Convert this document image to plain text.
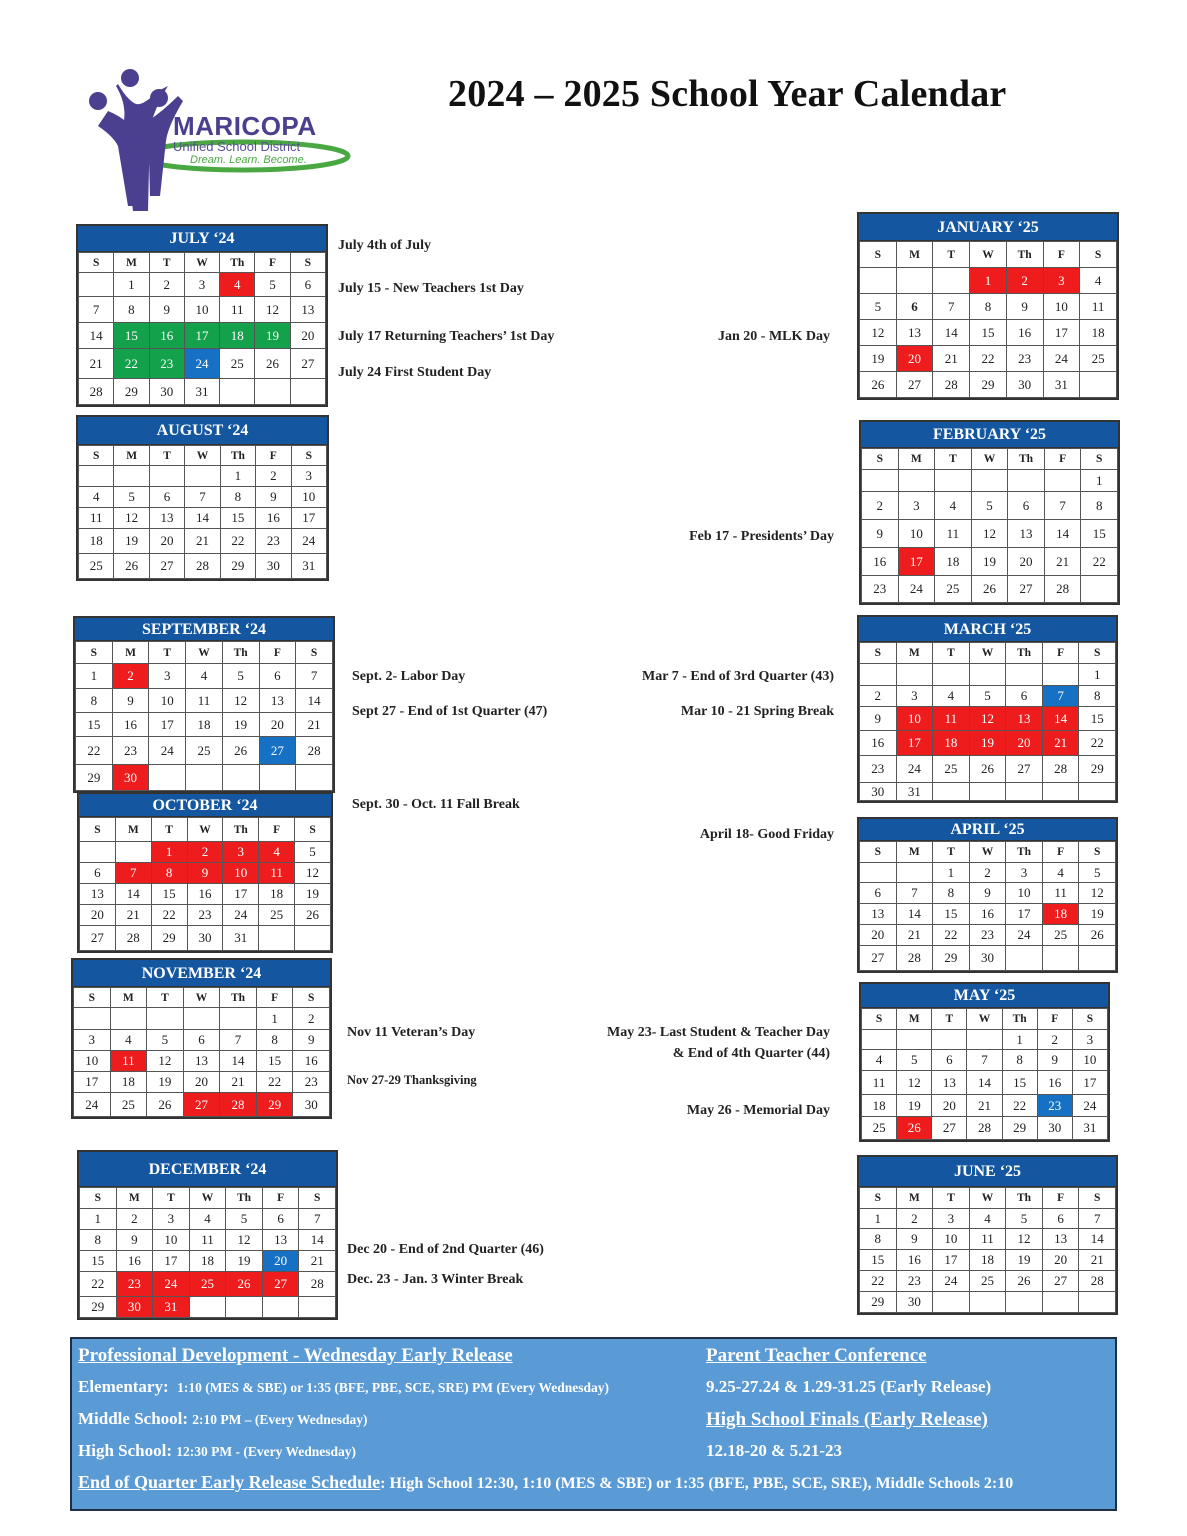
MARICOPA
Unified School District
Dream. Learn. Become.
2024 – 2025 School Year Calendar
JULY ‘24
S	M	T	W	Th	F	S
	1	2	3	4	5	6
7	8	9	10	11	12	13
14	15	16	17	18	19	20
21	22	23	24	25	26	27
28	29	30	31			
AUGUST ‘24
S	M	T	W	Th	F	S
				1	2	3
4	5	6	7	8	9	10
11	12	13	14	15	16	17
18	19	20	21	22	23	24
25	26	27	28	29	30	31
SEPTEMBER ‘24
S	M	T	W	Th	F	S
1	2	3	4	5	6	7
8	9	10	11	12	13	14
15	16	17	18	19	20	21
22	23	24	25	26	27	28
29	30					
OCTOBER ‘24
S	M	T	W	Th	F	S
		1	2	3	4	5
6	7	8	9	10	11	12
13	14	15	16	17	18	19
20	21	22	23	24	25	26
27	28	29	30	31		
NOVEMBER ‘24
S	M	T	W	Th	F	S
					1	2
3	4	5	6	7	8	9
10	11	12	13	14	15	16
17	18	19	20	21	22	23
24	25	26	27	28	29	30
DECEMBER ‘24
S	M	T	W	Th	F	S
1	2	3	4	5	6	7
8	9	10	11	12	13	14
15	16	17	18	19	20	21
22	23	24	25	26	27	28
29	30	31				
JANUARY ‘25
S	M	T	W	Th	F	S
			1	2	3	4
5	6	7	8	9	10	11
12	13	14	15	16	17	18
19	20	21	22	23	24	25
26	27	28	29	30	31	
FEBRUARY ‘25
S	M	T	W	Th	F	S
						1
2	3	4	5	6	7	8
9	10	11	12	13	14	15
16	17	18	19	20	21	22
23	24	25	26	27	28	
MARCH ‘25
S	M	T	W	Th	F	S
						1
2	3	4	5	6	7	8
9	10	11	12	13	14	15
16	17	18	19	20	21	22
23	24	25	26	27	28	29
30	31					
APRIL ‘25
S	M	T	W	Th	F	S
		1	2	3	4	5
6	7	8	9	10	11	12
13	14	15	16	17	18	19
20	21	22	23	24	25	26
27	28	29	30			
MAY ‘25
S	M	T	W	Th	F	S
				1	2	3
4	5	6	7	8	9	10
11	12	13	14	15	16	17
18	19	20	21	22	23	24
25	26	27	28	29	30	31
JUNE ‘25
S	M	T	W	Th	F	S
1	2	3	4	5	6	7
8	9	10	11	12	13	14
15	16	17	18	19	20	21
22	23	24	25	26	27	28
29	30					
July 4th of July
July 15 - New Teachers 1st Day
July 17 Returning Teachers’ 1st Day
July 24 First Student Day
Jan 20 - MLK Day
Feb 17 - Presidents’ Day
Sept. 2- Labor Day
Sept 27 - End of 1st Quarter (47)
Mar 7 - End of 3rd Quarter (43)
Mar 10 - 21 Spring Break
Sept. 30 - Oct. 11 Fall Break
April 18- Good Friday
Nov 11 Veteran’s Day
Nov 27-29 Thanksgiving
May 23- Last Student & Teacher Day
& End of 4th Quarter (44)
May 26 - Memorial Day
Dec 20 - End of 2nd Quarter (46)
Dec. 23 - Jan. 3 Winter Break
Professional Development - Wednesday Early Release
Elementary: 1:10 (MES & SBE) or 1:35 (BFE, PBE, SCE, SRE) PM (Every Wednesday)
Middle School: 2:10 PM – (Every Wednesday)
High School: 12:30 PM - (Every Wednesday)
End of Quarter Early Release Schedule: High School 12:30, 1:10 (MES & SBE) or 1:35 (BFE, PBE, SCE, SRE), Middle Schools 2:10
Parent Teacher Conference
9.25-27.24 & 1.29-31.25 (Early Release)
High School Finals (Early Release)
12.18-20 & 5.21-23
